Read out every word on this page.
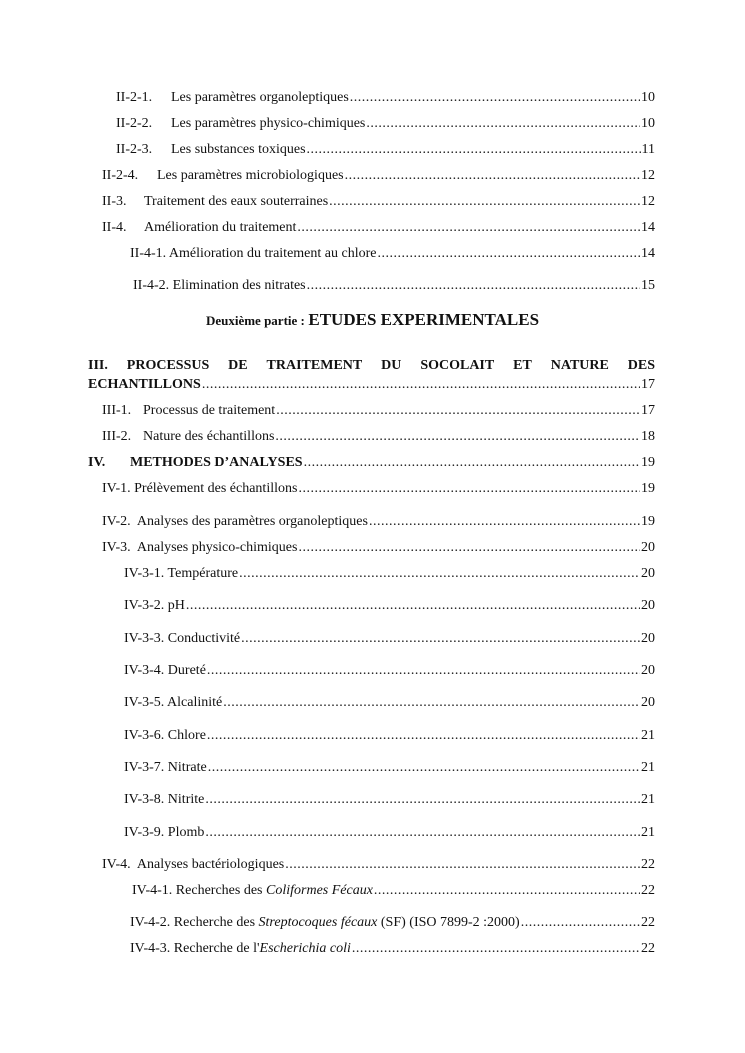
II-2-1.	Les paramètres organoleptiques .....	10
II-2-2.	Les paramètres physico-chimiques .....	10
II-2-3.	Les substances toxiques .....	11
II-2-4.	Les paramètres microbiologiques .....	12
II-3.	Traitement des eaux souterraines .....	12
II-4.	Amélioration du traitement .....	14
II-4-1. Amélioration du traitement au chlore .....	14
II-4-2. Elimination des nitrates .....	15
Deuxième partie : ETUDES EXPERIMENTALES
III. PROCESSUS DE TRAITEMENT DU SOCOLAIT ET NATURE DES
ECHANTILLONS .....	17
III-1. Processus de traitement .....	17
III-2. Nature des échantillons .....	18
IV.	METHODES D’ANALYSES .....	19
IV-1. Prélèvement des échantillons .....	19
IV-2.  Analyses des paramètres organoleptiques .....	19
IV-3.  Analyses physico-chimiques .....	20
IV-3-1. Température .....	20
IV-3-2. pH .....	20
IV-3-3. Conductivité .....	20
IV-3-4. Dureté .....	20
IV-3-5. Alcalinité .....	20
IV-3-6. Chlore .....	21
IV-3-7. Nitrate .....	21
IV-3-8. Nitrite .....	21
IV-3-9. Plomb .....	21
IV-4.  Analyses bactériologiques .....	22
IV-4-1. Recherches des Coliformes Fécaux .....	22
IV-4-2. Recherche des Streptocoques fécaux (SF) (ISO 7899-2 :2000) .....	22
IV-4-3. Recherche de l'Escherichia coli .....	22
